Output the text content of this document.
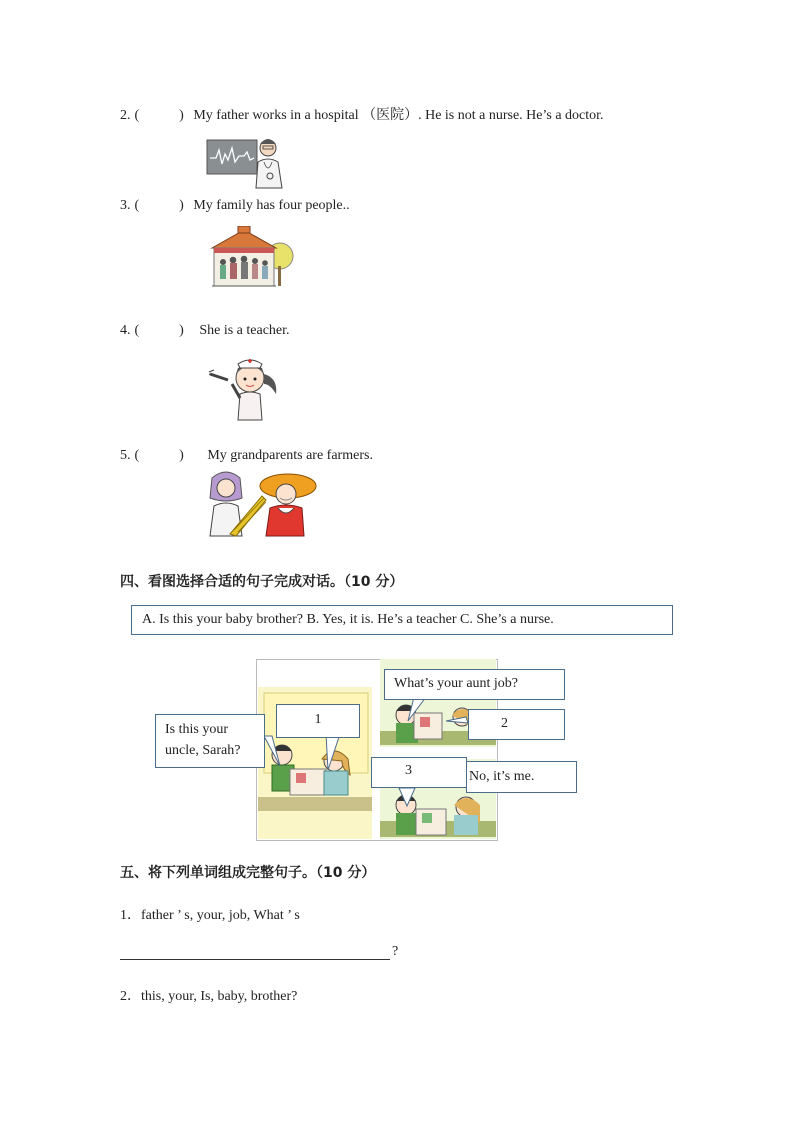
2. (	) My father works in a hospital （医院）. He is not a nurse. He’s a doctor.
3. (	) My family has four people..
4. (	) She is a teacher.
5. (	) My grandparents are farmers.
四、看图选择合适的句子完成对话。（10 分）
A. Is this your baby brother? B. Yes, it is. He’s a teacher C. She’s a nurse.
Is this your
uncle, Sarah?
1
What’s your aunt job?
2
3	No, it’s me.
五、将下列单词组成完整句子。（10 分）
1．father ’ s, your, job, What ’ s
?
2．this, your, Is, baby, brother?
